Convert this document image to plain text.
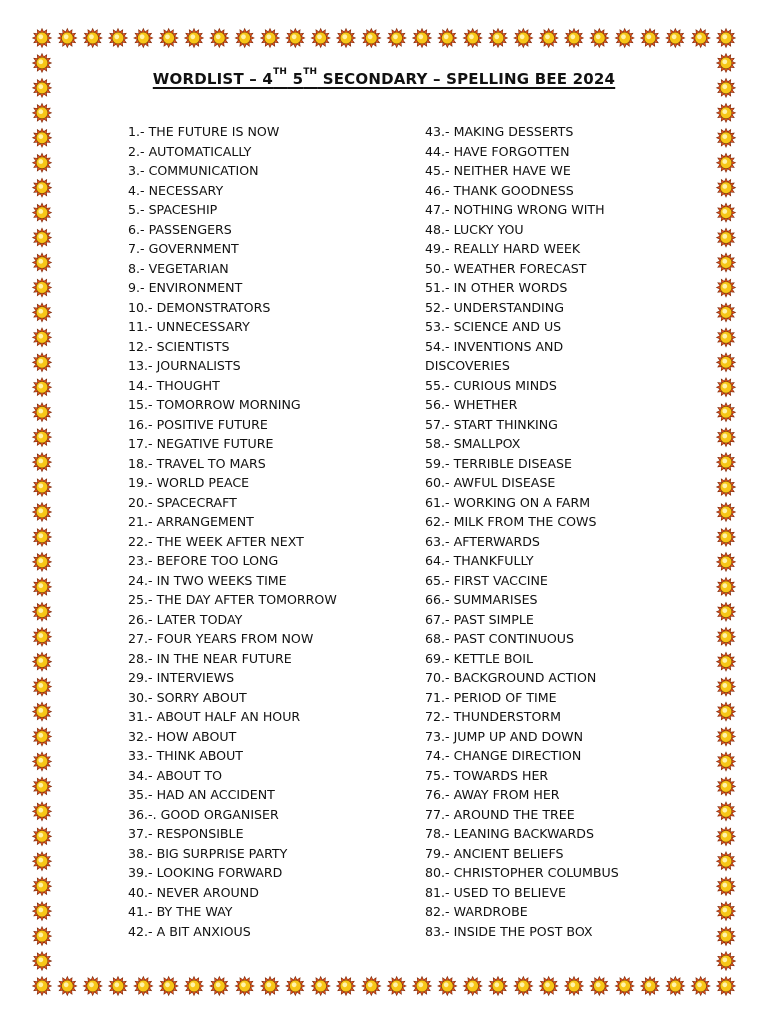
WORDLIST – 4TH 5TH SECONDARY – SPELLING BEE 2024
1.- THE FUTURE IS NOW
2.- AUTOMATICALLY
3.- COMMUNICATION
4.- NECESSARY
5.- SPACESHIP
6.- PASSENGERS
7.- GOVERNMENT
8.- VEGETARIAN
9.- ENVIRONMENT
10.- DEMONSTRATORS
11.- UNNECESSARY
12.- SCIENTISTS
13.- JOURNALISTS
14.- THOUGHT
15.- TOMORROW MORNING
16.- POSITIVE FUTURE
17.- NEGATIVE FUTURE
18.- TRAVEL TO MARS
19.- WORLD PEACE
20.- SPACECRAFT
21.- ARRANGEMENT
22.- THE WEEK AFTER NEXT
23.- BEFORE TOO LONG
24.- IN TWO WEEKS TIME
25.- THE DAY AFTER TOMORROW
26.- LATER TODAY
27.- FOUR YEARS FROM NOW
28.- IN THE NEAR FUTURE
29.- INTERVIEWS
30.- SORRY ABOUT
31.- ABOUT HALF AN HOUR
32.- HOW ABOUT
33.- THINK ABOUT
34.- ABOUT TO
35.- HAD AN ACCIDENT
36.-. GOOD ORGANISER
37.- RESPONSIBLE
38.- BIG SURPRISE PARTY
39.- LOOKING FORWARD
40.- NEVER AROUND
41.- BY THE WAY
42.- A BIT ANXIOUS
43.- MAKING DESSERTS
44.- HAVE FORGOTTEN
45.- NEITHER HAVE WE
46.- THANK GOODNESS
47.- NOTHING WRONG WITH
48.- LUCKY YOU
49.- REALLY HARD WEEK
50.- WEATHER FORECAST
51.- IN OTHER WORDS
52.- UNDERSTANDING
53.- SCIENCE AND US
54.- INVENTIONS AND DISCOVERIES
55.- CURIOUS MINDS
56.- WHETHER
57.- START THINKING
58.- SMALLPOX
59.- TERRIBLE DISEASE
60.- AWFUL DISEASE
61.- WORKING ON A FARM
62.- MILK FROM THE COWS
63.- AFTERWARDS
64.- THANKFULLY
65.- FIRST VACCINE
66.- SUMMARISES
67.- PAST SIMPLE
68.- PAST CONTINUOUS
69.- KETTLE BOIL
70.- BACKGROUND ACTION
71.- PERIOD OF TIME
72.- THUNDERSTORM
73.- JUMP UP AND DOWN
74.- CHANGE DIRECTION
75.- TOWARDS HER
76.- AWAY FROM HER
77.- AROUND THE TREE
78.- LEANING BACKWARDS
79.- ANCIENT BELIEFS
80.- CHRISTOPHER COLUMBUS
81.- USED TO BELIEVE
82.- WARDROBE
83.- INSIDE THE POST BOX
